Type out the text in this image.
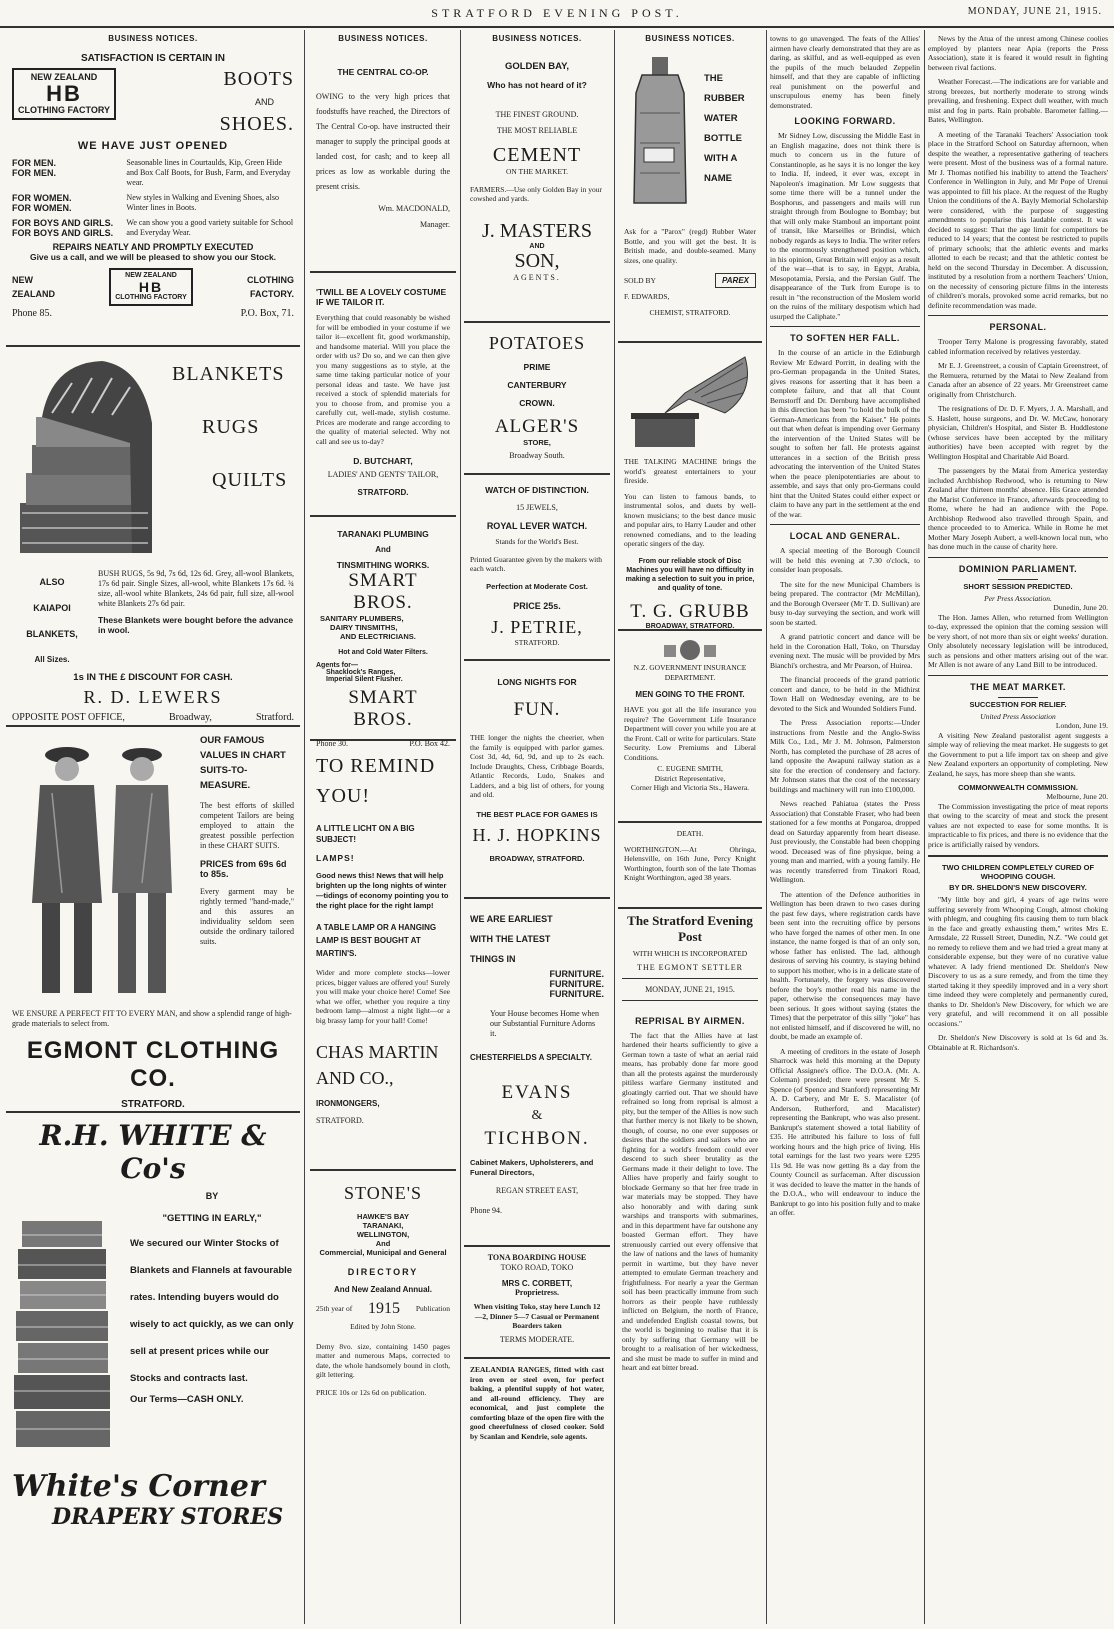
STRATFORD EVENING POST.	MONDAY, JUNE 21, 1915.
BUSINESS NOTICES.
SATISFACTION IS CERTAIN IN
NEW ZEALAND
HB
CLOTHING FACTORY
BOOTS
AND
SHOES.
WE HAVE JUST OPENED
FOR MEN.
FOR MEN.
Seasonable lines in Courtaulds, Kip, Green Hide and Box Calf Boots, for Bush, Farm, and Everyday wear.
FOR WOMEN.
FOR WOMEN.
New styles in Walking and Evening Shoes, also Winter lines in Boots.
FOR BOYS AND GIRLS.
FOR BOYS AND GIRLS.
We can show you a good variety suitable for School and Everyday Wear.
REPAIRS NEATLY AND PROMPTLY EXECUTED
Give us a call, and we will be pleased to show you our Stock.
NEW
ZEALAND
NEW ZEALAND
HB
CLOTHING FACTORY
CLOTHING
FACTORY.
Phone 85.	P.O. Box, 71.
BLANKETS
RUGS
QUILTS
ALSO
KAIAPOI
BLANKETS,
All Sizes.
BUSH RUGS, 5s 9d, 7s 6d, 12s 6d. Grey, all-wool Blankets, 17s 6d pair. Single Sizes, all-wool, white Blankets 17s 6d. ¾ size, all-wool white Blankets, 24s 6d pair, full size, all-wool white Blankets 27s 6d pair.
These Blankets were bought before the advance in wool.
1s IN THE £ DISCOUNT FOR CASH.
R. D. LEWERS
OPPOSITE POST OFFICE,	Broadway,	Stratford.
OUR FAMOUS VALUES IN CHART SUITS-TO-MEASURE.
The best efforts of skilled competent Tailors are being employed to attain the greatest possible perfection in these CHART SUITS.
PRICES from 69s 6d to 85s.
Every garment may be rightly termed "hand-made," and this assures an individuality seldom seen outside the ordinary tailored suits.
WE ENSURE A PERFECT FIT TO EVERY MAN, and show a splendid range of high-grade materials to select from.
EGMONT CLOTHING CO.
STRATFORD.
R.H. WHITE & Co's
BY
"GETTING IN EARLY,"
We secured our Winter Stocks of Blankets and Flannels at favourable rates. Intending buyers would do wisely to act quickly, as we can only sell at present prices while our Stocks and contracts last.
Our Terms—CASH ONLY.
White's Corner
DRAPERY STORES
BUSINESS NOTICES.
THE CENTRAL CO-OP.
OWING to the very high prices that foodstuffs have reached, the Directors of The Central Co-op. have instructed their manager to supply the principal goods at landed cost, for cash; and to keep all prices as low as workable during the present crisis.
Wm. MACDONALD,
Manager.
'TWILL BE A LOVELY COSTUME IF WE TAILOR IT.
Everything that could reasonably be wished for will be embodied in your costume if we tailor it—excellent fit, good workmanship, and handsome material. Will you place the order with us? Do so, and we can then give you many suggestions as to style, at the same time taking particular notice of your personal ideas and taste. We have just received a stock of splendid materials for you to choose from, and promise you a carefully cut, well-made, stylish costume. Prices are moderate and range according to the quality of material selected. Why not call and see us to-day?
D. BUTCHART,
LADIES' AND GENTS' TAILOR,
STRATFORD.
TARANAKI PLUMBING
And
TINSMITHING WORKS.
SMART BROS.
SANITARY PLUMBERS,
DAIRY TINSMITHS,
AND ELECTRICIANS.
Hot and Cold Water Filters.
Agents for—
Shacklock's Ranges,
Imperial Silent Flusher.
SMART BROS.
Phone 30.	P.O. Box 42.
TO REMIND YOU!
A LITTLE LICHT ON A BIG SUBJECT!
LAMPS!
Good news this! News that will help brighten up the long nights of winter—tidings of economy pointing you to the right place for the right lamp!
A TABLE LAMP OR A HANGING LAMP IS BEST BOUGHT AT MARTIN'S.
Wider and more complete stocks—lower prices, bigger values are offered you! Surely you will make your choice here! Come! See what we offer, whether you require a tiny bedroom lamp—almost a night light—or a big brassy lamp for your hall! Come!
CHAS MARTIN AND CO.,
IRONMONGERS,
STRATFORD.
STONE'S
HAWKE'S BAY
TARANAKI,
WELLINGTON,
And
Commercial, Municipal and General
DIRECTORY
And New Zealand Annual.
25th year of 1915 Publication
Edited by John Stone.
Demy 8vo. size, containing 1450 pages matter and numerous Maps, corrected to date, the whole handsomely bound in cloth, gilt lettering.
PRICE 10s or 12s 6d on publication.
BUSINESS NOTICES.
GOLDEN BAY,
Who has not heard of it?
THE FINEST GROUND.
THE MOST RELIABLE
CEMENT
ON THE MARKET.
FARMERS.—Use only Golden Bay in your cowshed and yards.
J. MASTERS
AND
SON,
AGENTS.
POTATOES
PRIME
CANTERBURY
CROWN.
ALGER'S
STORE,
Broadway South.
WATCH OF DISTINCTION.
15 JEWELS,
ROYAL LEVER WATCH.
Stands for the World's Best.
Printed Guarantee given by the makers with each watch.
Perfection at Moderate Cost.
PRICE 25s.
J. PETRIE,
STRATFORD.
LONG NIGHTS FOR
FUN.
THE longer the nights the cheerier, when the family is equipped with parlor games. Cost 3d, 4d, 6d, 9d, and up to 2s each. Include Draughts, Chess, Cribbage Boards, Atlantic Records, Ludo, Snakes and Ladders, and a big list of others, for young and old.
THE BEST PLACE FOR GAMES IS
H. J. HOPKINS
BROADWAY, STRATFORD.
WE ARE EARLIEST
WITH THE LATEST
THINGS IN
FURNITURE.
FURNITURE.
FURNITURE.
Your House becomes Home when our Substantial Furniture Adorns it.
CHESTERFIELDS A SPECIALTY.
EVANS
&
TICHBON.
Cabinet Makers, Upholsterers, and Funeral Directors,
REGAN STREET EAST,
Phone 94.
TONA BOARDING HOUSE
TOKO ROAD, TOKO
MRS C. CORBETT,
Proprietress.
When visiting Toko, stay here Lunch 12—2, Dinner 5—7 Casual or Permanent Boarders taken
TERMS MODERATE.
ZEALANDIA RANGES, fitted with cast iron oven or steel oven, for perfect baking, a plentiful supply of hot water, and all-round efficiency. They are economical, and just complete the comforting blaze of the open fire with the good cheerfulness of closed cooker. Sold by Scanlan and Kendrie, sole agents.
BUSINESS NOTICES.
THE
RUBBER
WATER
BOTTLE
WITH A
NAME
Ask for a "Parox" (regd) Rubber Water Bottle, and you will get the best. It is British made, and double-seamed. Many sizes, one quality.
SOLD BY	PAREX
F. EDWARDS,
CHEMIST, STRATFORD.
THE TALKING MACHINE brings the world's greatest entertainers to your fireside.
You can listen to famous bands, to instrumental solos, and duets by well-known musicians; to the best dance music and popular airs, to Harry Lauder and other renowned comedians, and to the leading operatic singers of the day.
From our reliable stock of Disc Machines you will have no difficulty in making a selection to suit you in price, and quality of tone.
T. G. GRUBB
BROADWAY, STRATFORD.
N.Z. GOVERNMENT INSURANCE DEPARTMENT.
MEN GOING TO THE FRONT.
HAVE you got all the life insurance you require? The Government Life Insurance Department will cover you while you are at the Front. Call or write for particulars. State Security. Low Premiums and Liberal Conditions.
C. EUGENE SMITH,
District Representative,
Corner High and Victoria Sts., Hawera.
DEATH.
WORTHINGTON.—At Ohringa, Helensville, on 16th June, Percy Knight Worthington, fourth son of the late Thomas Knight Worthington, aged 38 years.
The Stratford Evening Post
WITH WHICH IS INCORPORATED
THE EGMONT SETTLER
MONDAY, JUNE 21, 1915.
REPRISAL BY AIRMEN.
The fact that the Allies have at last hardened their hearts sufficiently to give a German town a taste of what an aerial raid means, has probably done far more good than all the protests against the murderously pitiless warfare Germany instituted and gloatingly carried out. That we should have refrained so long from reprisal is almost a pity, but the temper of the Allies is now such that further mercy is not likely to be shown, though, of course, no one ever supposes or desires that the soldiers and sailors who are fighting for a world's freedom could ever descend to such sheer brutality as the Germans made it their delight to love. The Allies have properly and fairly sought to blockade Germany so that her free trade in war materials may be stopped. They have also honorably and with daring sunk warships and transports with submarines, and in this department have far outshone any boasted German effort. They have strenuously carried out every offensive that the law of nations and the laws of humanity permit in wartime, but they have never attempted to emulate German treachery and frightfulness. For nearly a year the German soil has been practically immune from such horrors as their people have ruthlessly inflicted on Belgium, the north of France, and undefended English coastal towns, but the world is beginning to realise that it is only by suffering that Germany will be brought to a realisation of her wickedness, and she must be made to suffer in mind and heart and eat bitter bread.
towns to go unavenged. The feats of the Allies' airmen have clearly demonstrated that they are as daring, as skilful, and as well-equipped as even the pupils of the much belauded Zeppelin himself, and that they are capable of inflicting real punishment on the powerful and unscrupulous enemy has been finely demonstrated.
LOOKING FORWARD.
Mr Sidney Low, discussing the Middle East in an English magazine, does not think there is much to concern us in the future of Constantinople, as he says it is no longer the key to India. If, indeed, it ever was, except in Napoleon's imagination. Mr Low suggests that some time there will be a tunnel under the Bosphorus, and passengers and mails will run straight through from Boulogne to Bombay; but that will only make Stamboul an important point of transit, like Marseilles or Brindisi, which nobody regards as keys to India. The writer refers to the enormously strengthened position which, in his opinion, Great Britain will enjoy as a result of the war—that is to say, in Egypt, Arabia, Mesopotamia, Persia, and the Persian Gulf. The disappearance of the Turk from Europe is to result in "the reconstruction of the Moslem world on the ruins of the military despotism which had usurped the Caliphate."
TO SOFTEN HER FALL.
In the course of an article in the Edinburgh Review Mr Edward Porritt, in dealing with the pro-German propaganda in the United States, gives reasons for asserting that it has been a complete failure, and that all that Count Bernstorff and Dr. Dernburg have accomplished in this direction has been "to hold the bulk of the German-Americans from the Kaiser." He points out that when defeat is impending over Germany the intervention of the United States will be sought to soften her fall. He protests against utterances in a section of the British press advocating the intervention of the United States when the peace plenipotentiaries are about to assemble, and says that only pro-Germans could hint that the United States could either expect or claim to have any part in the settlement at the end of the war.
LOCAL AND GENERAL.
A special meeting of the Borough Council will be held this evening at 7.30 o'clock, to consider loan proposals.
The site for the new Municipal Chambers is being prepared. The contractor (Mr McMillan), and the Borough Overseer (Mr T. D. Sullivan) are busy to-day surveying the section, and work will soon be started.
A grand patriotic concert and dance will be held in the Coronation Hall, Toko, on Thursday evening next. The music will be provided by Mrs Bianchi's orchestra, and Mr Pearson, of Huirea.
The financial proceeds of the grand patriotic concert and dance, to be held in the Midhirst Town Hall on Wednesday evening, are to be devoted to the Sick and Wounded Soldiers Fund.
The Press Association reports:—Under instructions from Nestle and the Anglo-Swiss Milk Co., Ltd., Mr J. M. Johnson, Palmerston North, has completed the purchase of 28 acres of land opposite the Awapuni railway station as a site for the erection of condensery and factory. Mr Johnson states that the cost of the necessary buildings and machinery will run into £100,000.
News reached Pahiatua (states the Press Association) that Constable Fraser, who had been stationed for a few months at Pongaroa, dropped dead on Saturday apparently from heart disease. Just previously, the Constable had been chopping wood. Deceased was of fine physique, being a young man and married, with a young family. He was recently transferred from Tinakori Road, Wellington.
The attention of the Defence authorities in Wellington has been drawn to two cases during the past few days, where registration cards have been sent into the recruiting office by persons who have forged the names of other men. In one instance, the name forged is that of an only son, whose father has enlisted. The lad, although desirous of serving his country, is staying behind to support his mother, who is in a delicate state of health. Fortunately, the forgery was discovered before the boy's mother read his name in the paper, otherwise the consequences may have been serious. It goes without saying (states the Times) that the perpetrator of this silly "joke" has not enlisted himself, and if discovered he will, no doubt, be made an example of.
A meeting of creditors in the estate of Joseph Sharrock was held this morning at the Deputy Official Assignee's office. The D.O.A. (Mr. A. Coleman) presided; there were present Mr S. Spence (of Spence and Stanford) representing Mr A. D. Carbery, and Mr E. S. Macalister (of Anderson, Rutherford, and Macalister) representing the Bankrupt, who was also present. Bankrupt's statement showed a total liability of £35. He attributed his failure to loss of full working hours and the high price of living. His total earnings for the last two years were £295 11s 9d. He was now getting 8s a day from the County Council as surfaceman. After discussion it was decided to leave the matter in the hands of the D.O.A., who will endeavour to induce the Bankrupt to go into his position fully and to make an offer.
News by the Atua of the unrest among Chinese coolies employed by planters near Apia (reports the Press Association), state it is feared it would result in fighting between rival factions.
Weather Forecast.—The indications are for variable and strong breezes, but northerly moderate to strong winds prevailing, and freshening. Expect dull weather, with much mist and fog in parts. Rain probable. Barometer falling.—Bates, Wellington.
A meeting of the Taranaki Teachers' Association took place in the Stratford School on Saturday afternoon, when despite the weather, a representative gathering of teachers were present. Most of the business was of a formal nature. Mr J. Thomas notified his inability to attend the Teachers' Conference in Wellington in July, and Mr Pope of Urenui was appointed to fill his place. At the request of the Rugby Union the conditions of the A. Bayly Memorial Scholarship were considered, with the purpose of suggesting amendments to popularise this laudable contest. It was decided to suggest: That the age limit for competitors be reduced to 14 years; that the contest be restricted to pupils of primary schools; that the athletic events and marks allotted to each be recast; and that the athletic contest be held on the second Thursday in December. A discussion, instituted by a resolution from a northern Teachers' Union, on the necessity of censoring picture films in the interests of children's morals, provoked some acrid remarks, but no definite recommendation was made.
PERSONAL.
Trooper Terry Malone is progressing favorably, stated cabled information received by relatives yesterday.
Mr E. J. Greenstreet, a cousin of Captain Greenstreet, of the Remuera, returned by the Matai to New Zealand from Canada after an absence of 22 years. Mr Greenstreet came originally from Christchurch.
The resignations of Dr. D. F. Myers, J. A. Marshall, and S. Haslett, house surgeons, and Dr. W. McCaw, honorary physician, Children's Hospital, and Sister B. Huddlestone (whose services have been accepted by the military authorities) have been accepted with regret by the Wellington Hospital and Charitable Aid Board.
The passengers by the Matai from America yesterday included Archbishop Redwood, who is returning to New Zealand after thirteen months' absence. His Grace attended the Marist Conference in France, afterwards proceeding to Rome, where he had an audience with the Pope. Archbishop Redwood also travelled through Spain, and thence proceeded to to America. While in Rome he met Mother Mary Joseph Aubert, a well-known local nun, who has done much in the cause of charity here.
DOMINION PARLIAMENT.
SHORT SESSION PREDICTED.
Per Press Association.
Dunedin, June 20.
The Hon. James Allen, who returned from Wellington to-day, expressed the opinion that the coming session will be very short, of not more than six or eight weeks' duration. Only absolutely necessary legislation will be introduced, such as pensions and other matters arising out of the war. Mr Allen is not aware of any Land Bill to be introduced.
THE MEAT MARKET.
SUCCESTION FOR RELIEF.
United Press Association
London, June 19.
A visiting New Zealand pastoralist agent suggests a simple way of relieving the meat market. He suggests to get the Government to put a life import tax on sheep and give New Zealand exporters an opportunity of completing. New Zealand, he says, has more sheep than she wants.
COMMONWEALTH COMMISSION.
Melbourne, June 20.
The Commission investigating the price of meat reports that owing to the scarcity of meat and stock the present values are not expected to ease for some months. It is impracticable to fix prices, and there is no evidence that the price is artificially raised by vendors.
TWO CHILDREN COMPLETELY CURED OF WHOOPING COUGH.
BY DR. SHELDON'S NEW DISCOVERY.
"My little boy and girl, 4 years of age twins were suffering severely from Whooping Cough, almost choking with phlegm, and coughing fits causing them to turn black in the face and greatly exhausting them," writes Mrs E. Armsdale, 22 Russell Street, Dunedin, N.Z. "We could get no remedy to relieve them and we had tried a great many at considerable expense, but they were of no curative value whatever. A lady friend mentioned Dr. Sheldon's New Discovery to us as a sure remedy, and from the time they started taking it they speedily improved and in a very short time indeed they were completely and permanently cured, thanks to Dr. Sheldon's New Discovery, for which we are very grateful, and will recommend it on all possible occasions."
Dr. Sheldon's New Discovery is sold at 1s 6d and 3s. Obtainable at R. Richardson's.
